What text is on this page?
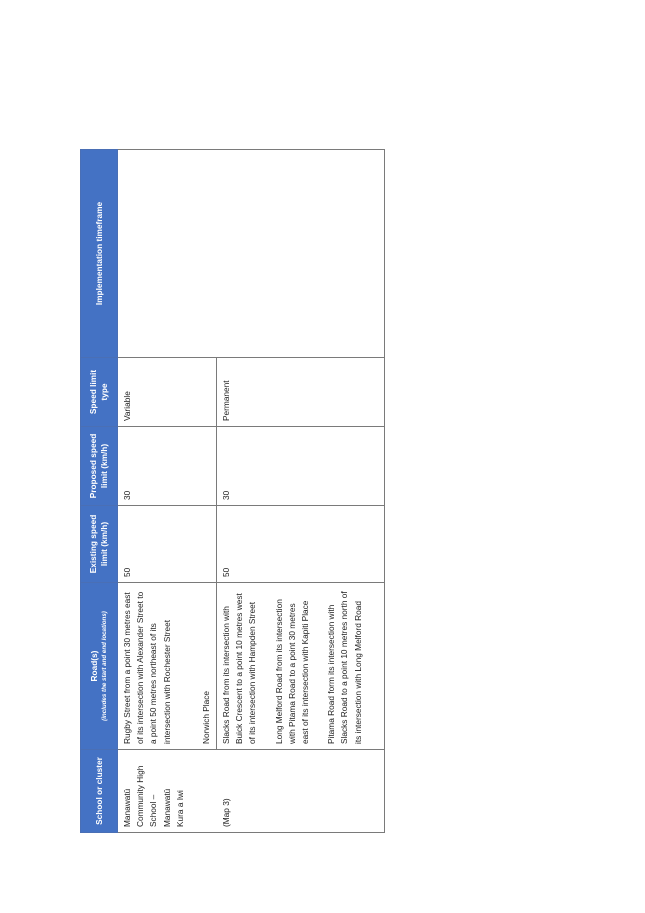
School or cluster	Road(s) (includes the start and end locations)	Existing speed limit (km/h)	Proposed speed limit (km/h)	Speed limit type	Implementation timeframe

Manawatū Community High School – Manawatū Kura a Iwi	Rugby Street from a point 30 metres east of its intersection with Alexander Street to a point 50 metres northeast of its intersection with Rochester Street Norwich Place	50	30	Variable	
(Map 3)	Slacks Road from its intersection with Buick Crescent to a point 10 metres west of its intersection with Hampden Street Long Melford Road from its intersection with Pitama Road to a point 30 metres east of its intersection with Kapiti Place Pitama Road form its intersection with Slacks Road to a point 10 metres north of its intersection with Long Melford Road	50	30	Permanent	
